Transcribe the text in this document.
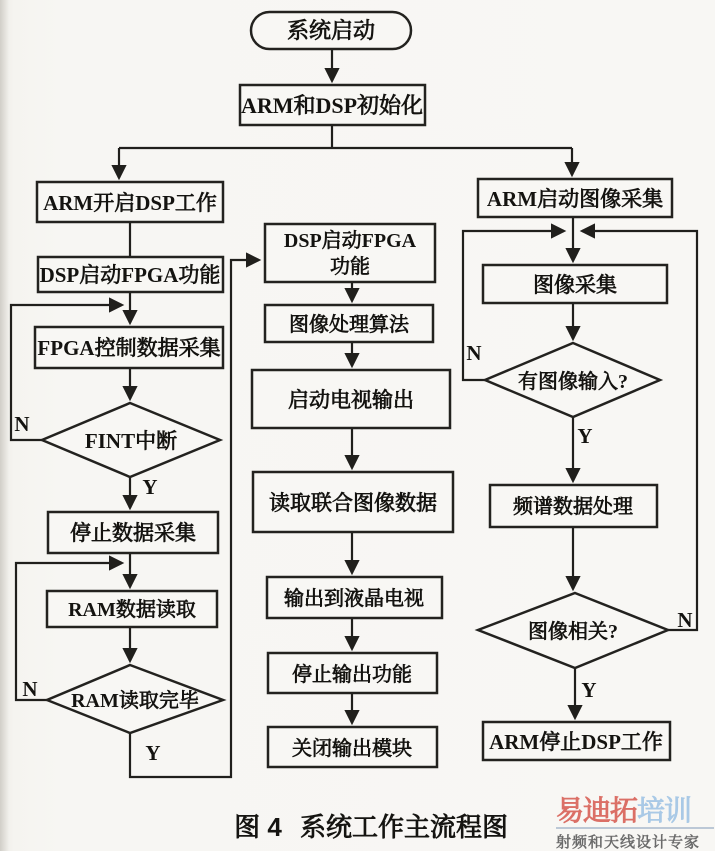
系统启动
ARM和DSP初始化
ARM开启DSP工作
DSP启动FPGA功能
FPGA控制数据采集
FINT中断
停止数据采集
RAM数据读取
RAM读取完毕
DSP启动FPGA
功能
图像处理算法
启动电视输出
读取联合图像数据
输出到液晶电视
停止输出功能
关闭输出模块
ARM启动图像采集
图像采集
有图像输入?
频谱数据处理
图像相关?
ARM停止DSP工作
N
Y
N
Y
N
Y
N
Y
图 4 系统工作主流程图
易迪拓培训
射频和天线设计专家
